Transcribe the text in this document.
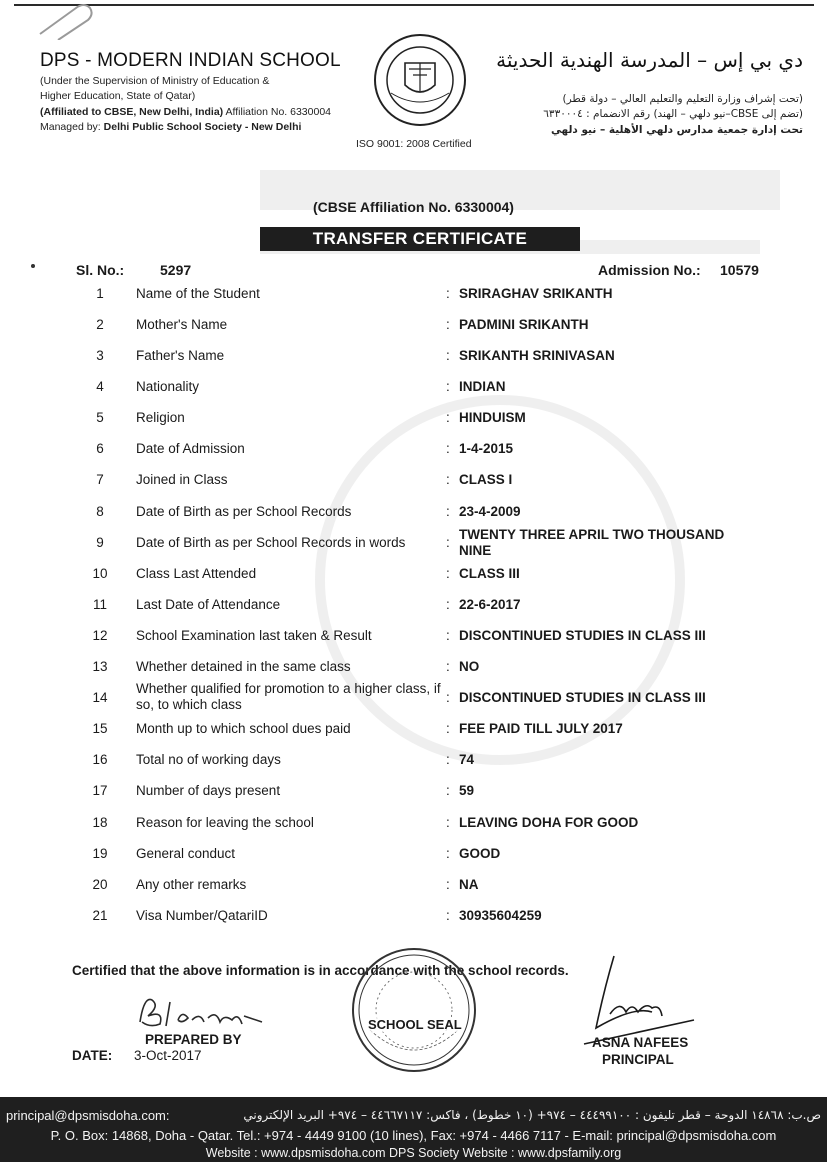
DPS - MODERN INDIAN SCHOOL
(Under the Supervision of Ministry of Education &
Higher Education, State of Qatar)
(Affiliated to CBSE, New Delhi, India) Affiliation No. 6330004
Managed by: Delhi Public School Society - New Delhi
ISO 9001: 2008 Certified
دي بي إس – المدرسة الهندية الحديثة
(تحت إشراف وزارة التعليم والتعليم العالي – دولة قطر)
(تضم إلى CBSE–نيو دلهي – الهند) رقم الانضمام : ٦٣٣٠٠٠٤
تحت إدارة جمعية مدارس دلهي الأهلية – نيو دلهي
(CBSE Affiliation No. 6330004)
TRANSFER CERTIFICATE
Sl. No.:	5297	Admission No.: 10579
1	Name of the Student	: SRIRAGHAV SRIKANTH
2	Mother's Name	: PADMINI SRIKANTH
3	Father's Name	: SRIKANTH SRINIVASAN
4	Nationality	: INDIAN
5	Religion	: HINDUISM
6	Date of Admission	: 1-4-2015
7	Joined in Class	: CLASS I
8	Date of Birth as per School Records	: 23-4-2009
9	Date of Birth as per School Records in words	:
TWENTY THREE APRIL TWO THOUSAND NINE
10	Class Last Attended	: CLASS III
11	Last Date of Attendance	: 22-6-2017
12	School Examination last taken & Result	: DISCONTINUED STUDIES IN CLASS III
13	Whether detained in the same class	: NO
14
Whether qualified for promotion to a higher class, if so, to which class	: DISCONTINUED STUDIES IN CLASS III
15	Month up to which school dues paid	: FEE PAID TILL JULY 2017
16	Total no of working days	: 74
17	Number of days present	: 59
18	Reason for leaving the school	: LEAVING DOHA FOR GOOD
19	General conduct	: GOOD
20	Any other remarks	: NA
21	Visa Number/QatariID	: 30935604259
Certified that the above information is in accordance with the school records.
PREPARED BY
DATE: 3-Oct-2017
SCHOOL SEAL
ASNA NAFEES
PRINCIPAL
principal@dpsmisdoha.com:	ص.ب: ١٤٨٦٨ الدوحة – قطر تليفون : ٤٤٤٩٩١٠٠ – ٩٧٤+ (١٠ خطوط) ، فاكس: ٤٤٦٦٧١١٧ – ٩٧٤+ البريد الإلكتروني
P. O. Box: 14868, Doha - Qatar. Tel.: +974 - 4449 9100 (10 lines), Fax: +974 - 4466 7117 - E-mail: principal@dpsmisdoha.com
Website : www.dpsmisdoha.com DPS Society Website : www.dpsfamily.org
